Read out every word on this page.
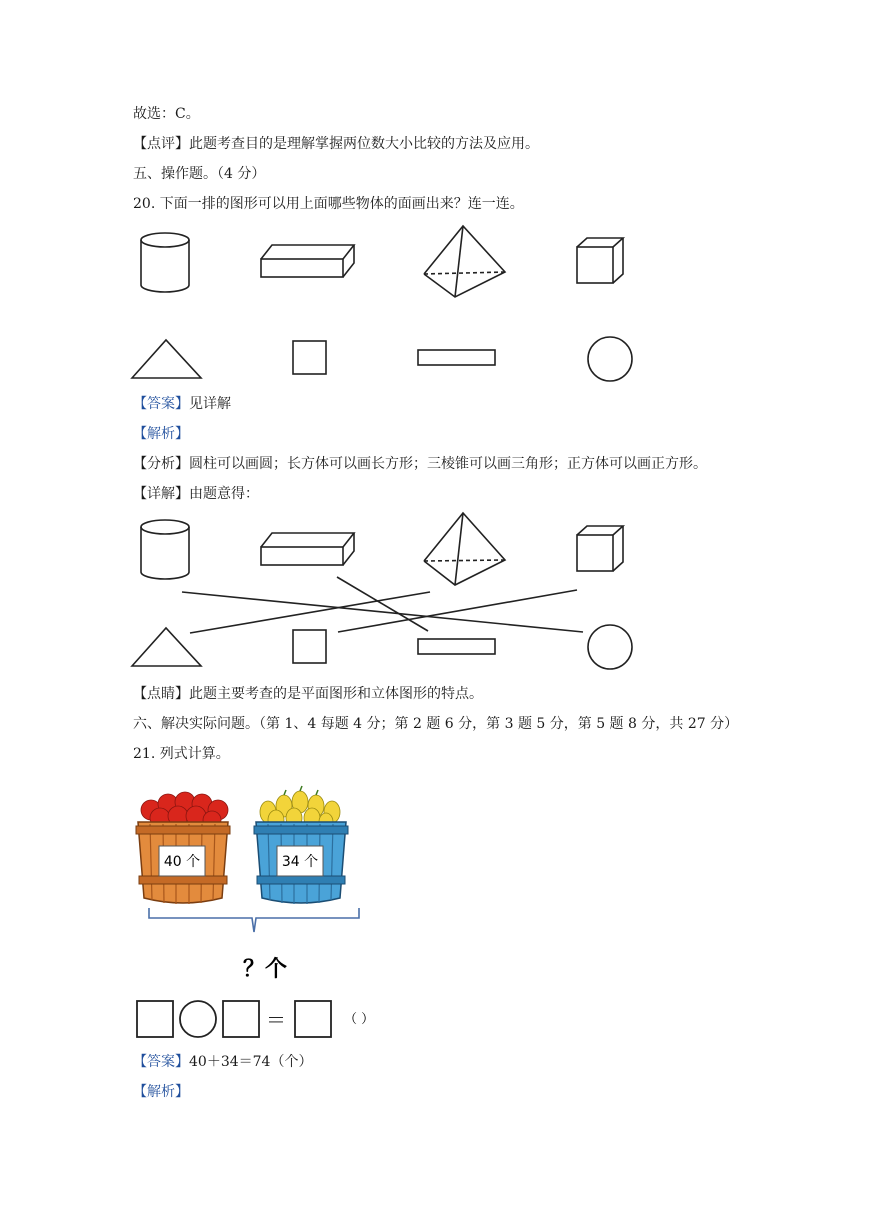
故选：C。
【点评】此题考查目的是理解掌握两位数大小比较的方法及应用。
五、操作题。（4 分）
20. 下面一排的图形可以用上面哪些物体的面画出来？连一连。
【答案】见详解
【解析】
【分析】圆柱可以画圆；长方体可以画长方形；三棱锥可以画三角形；正方体可以画正方形。
【详解】由题意得：
【点睛】此题主要考查的是平面图形和立体图形的特点。
六、解决实际问题。（第 1、4 每题 4 分；第 2 题 6 分，第 3 题 5 分，第 5 题 8 分，共 27 分）
21. 列式计算。
【答案】40＋34＝74（个）
【解析】
40 个	34 个
？个
＝	（ ）
